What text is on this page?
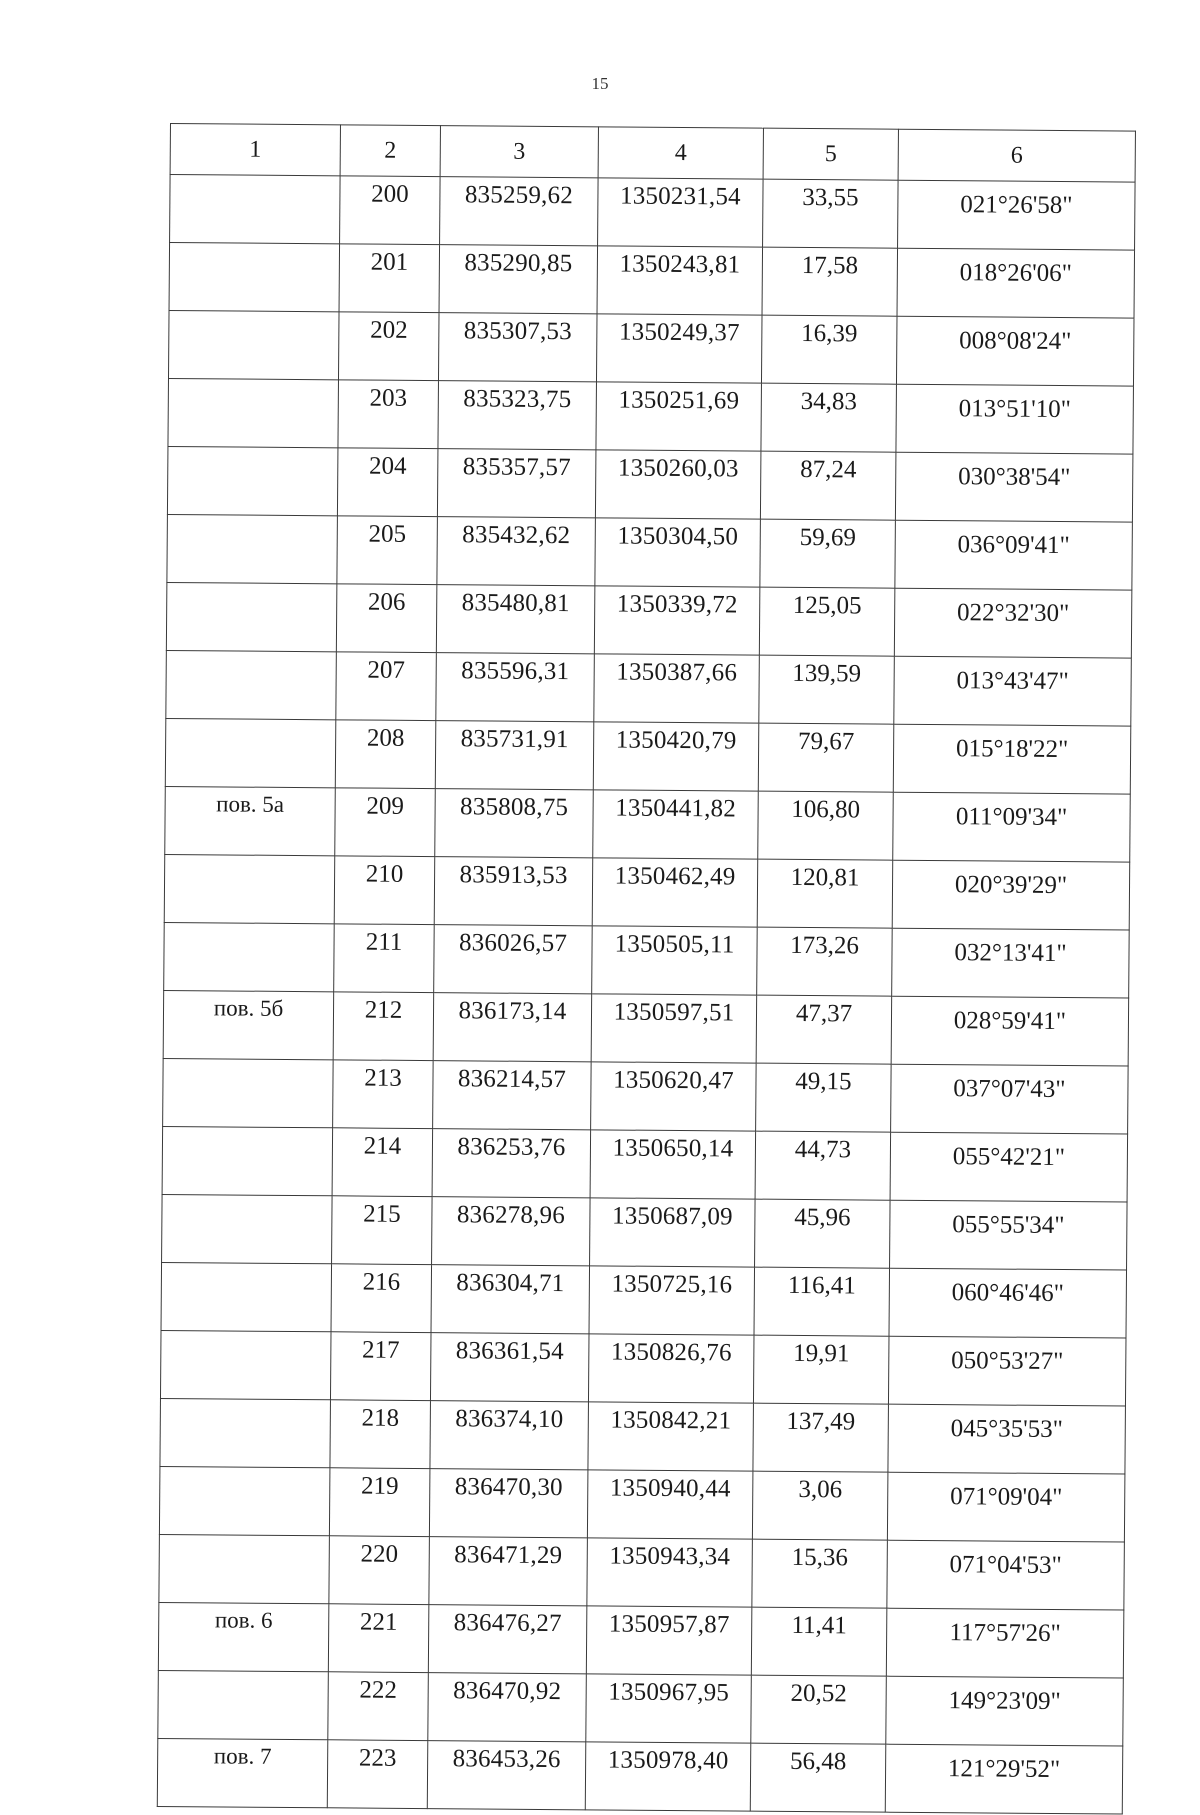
15
1	2	3	4	5	6
	200	835259,62	1350231,54	33,55	021°26'58"
	201	835290,85	1350243,81	17,58	018°26'06"
	202	835307,53	1350249,37	16,39	008°08'24"
	203	835323,75	1350251,69	34,83	013°51'10"
	204	835357,57	1350260,03	87,24	030°38'54"
	205	835432,62	1350304,50	59,69	036°09'41"
	206	835480,81	1350339,72	125,05	022°32'30"
	207	835596,31	1350387,66	139,59	013°43'47"
	208	835731,91	1350420,79	79,67	015°18'22"
пов. 5а	209	835808,75	1350441,82	106,80	011°09'34"
	210	835913,53	1350462,49	120,81	020°39'29"
	211	836026,57	1350505,11	173,26	032°13'41"
пов. 5б	212	836173,14	1350597,51	47,37	028°59'41"
	213	836214,57	1350620,47	49,15	037°07'43"
	214	836253,76	1350650,14	44,73	055°42'21"
	215	836278,96	1350687,09	45,96	055°55'34"
	216	836304,71	1350725,16	116,41	060°46'46"
	217	836361,54	1350826,76	19,91	050°53'27"
	218	836374,10	1350842,21	137,49	045°35'53"
	219	836470,30	1350940,44	3,06	071°09'04"
	220	836471,29	1350943,34	15,36	071°04'53"
пов. 6	221	836476,27	1350957,87	11,41	117°57'26"
	222	836470,92	1350967,95	20,52	149°23'09"
пов. 7	223	836453,26	1350978,40	56,48	121°29'52"
